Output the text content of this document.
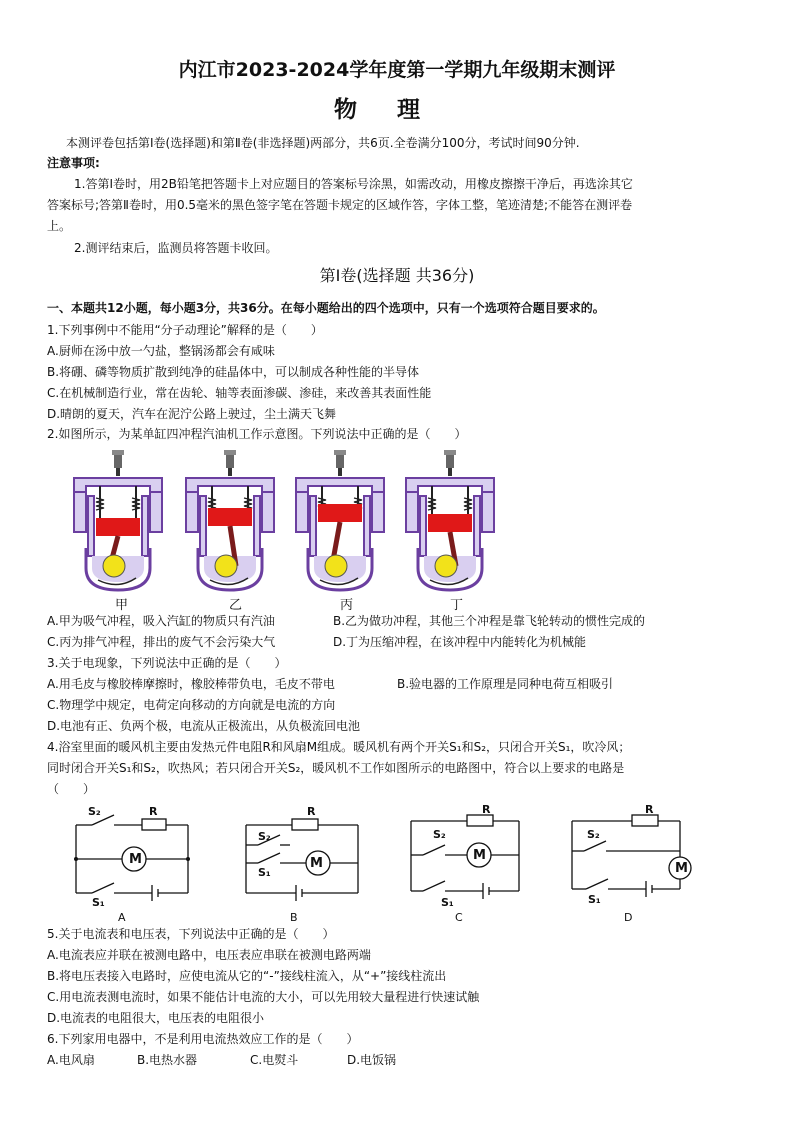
内江市2023-2024学年度第一学期九年级期末测评
物理
本测评卷包括第Ⅰ卷(选择题)和第Ⅱ卷(非选择题)两部分，共6页.全卷满分100分，考试时间90分钟.
注意事项:
1.答第Ⅰ卷时，用2B铅笔把答题卡上对应题目的答案标号涂黑，如需改动，用橡皮擦擦干净后，再选涂其它
答案标号;答第Ⅱ卷时，用0.5毫米的黑色签字笔在答题卡规定的区域作答，字体工整，笔迹清楚;不能答在测评卷
上。
2.测评结束后，监测员将答题卡收回。
第Ⅰ卷(选择题 共36分)
一、本题共12小题，每小题3分，共36分。在每小题给出的四个选项中，只有一个选项符合题目要求的。
1.下列事例中不能用“分子动理论”解释的是（　　）
A.厨师在汤中放一勺盐，整锅汤都会有咸味
B.将硼、磷等物质扩散到纯净的硅晶体中，可以制成各种性能的半导体
C.在机械制造行业，常在齿轮、轴等表面渗碳、渗硅，来改善其表面性能
D.晴朗的夏天，汽车在泥泞公路上驶过，尘土满天飞舞
2.如图所示，为某单缸四冲程汽油机工作示意图。下列说法中正确的是（　　）
甲	乙	丙	丁
A.甲为吸气冲程，吸入汽缸的物质只有汽油	B.乙为做功冲程，其他三个冲程是靠飞轮转动的惯性完成的
C.丙为排气冲程，排出的废气不会污染大气	D.丁为压缩冲程，在该冲程中内能转化为机械能
3.关于电现象，下列说法中正确的是（　　）
A.用毛皮与橡胶棒摩擦时，橡胶棒带负电，毛皮不带电	B.验电器的工作原理是同种电荷互相吸引
C.物理学中规定，电荷定向移动的方向就是电流的方向
D.电池有正、负两个极，电流从正极流出，从负极流回电池
4.浴室里面的暖风机主要由发热元件电阻R和风扇M组成。暖风机有两个开关S₁和S₂，只闭合开关S₁，吹冷风；
同时闭合开关S₁和S₂，吹热风；若只闭合开关S₂，暖风机不工作如图所示的电路图中，符合以上要求的电路是
（　　）
S₂	R
M
S₁
A
R
S₂
M
S₁
B
R
S₂
M
S₁
C
R
S₂
M
S₁
D
5.关于电流表和电压表，下列说法中正确的是（　　）
A.电流表应并联在被测电路中，电压表应串联在被测电路两端
B.将电压表接入电路时，应使电流从它的“-”接线柱流入，从“+”接线柱流出
C.用电流表测电流时，如果不能估计电流的大小，可以先用较大量程进行快速试触
D.电流表的电阻很大，电压表的电阻很小
6.下列家用电器中，不是利用电流热效应工作的是（　　）
A.电风扇	B.电热水器	C.电熨斗	D.电饭锅
